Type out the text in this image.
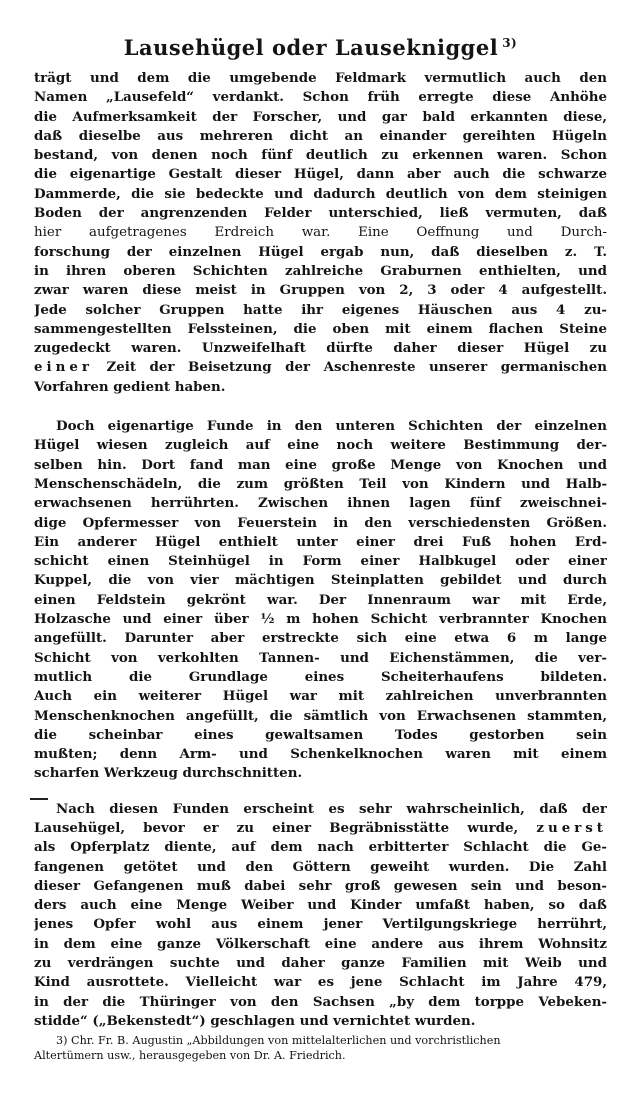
Lausehügel oder Lausekniggel $^{3)}$

trägt und dem die umgebende Feldmark vermutlich auch den
Namen „Lausefeld“ verdankt. Schon früh erregte diese Anhöhe
die Aufmerksamkeit der Forscher, und gar bald erkannten diese,
daß dieselbe aus mehreren dicht an einander gereihten Hügeln
bestand, von denen noch fünf deutlich zu erkennen waren. Schon
die eigenartige Gestalt dieser Hügel, dann aber auch die schwarze
Dammerde, die sie bedeckte und dadurch deutlich von dem steinigen
Boden der angrenzenden Felder unterschied, ließ vermuten, daß
hier aufgetragenes Erdreich war. Eine Oeffnung und Durch-
forschung der einzelnen Hügel ergab nun, daß dieselben z. T.
in ihren oberen Schichten zahlreiche Graburnen enthielten, und
zwar waren diese meist in Gruppen von 2, 3 oder 4 aufgestellt.
Jede solcher Gruppen hatte ihr eigenes Häuschen aus 4 zu-
sammengestellten Felssteinen, die oben mit einem flachen Steine
zugedeckt waren. Unzweifelhaft dürfte daher dieser Hügel zu
einer Zeit der Beisetzung der Aschenreste unserer germanischen
Vorfahren gedient haben.

Doch eigenartige Funde in den unteren Schichten der einzelnen
Hügel wiesen zugleich auf eine noch weitere Bestimmung der-
selben hin. Dort fand man eine große Menge von Knochen und
Menschenschädeln, die zum größten Teil von Kindern und Halb-
erwachsenen herrührten. Zwischen ihnen lagen fünf zweischnei-
dige Opfermesser von Feuerstein in den verschiedensten Größen.
Ein anderer Hügel enthielt unter einer drei Fuß hohen Erd-
schicht einen Steinhügel in Form einer Halbkugel oder einer
Kuppel, die von vier mächtigen Steinplatten gebildet und durch
einen Feldstein gekrönt war. Der Innenraum war mit Erde,
Holzasche und einer über ½ m hohen Schicht verbrannter Knochen
angefüllt. Darunter aber erstreckte sich eine etwa 6 m lange
Schicht von verkohlten Tannen- und Eichenstämmen, die ver-
mutlich die Grundlage eines Scheiterhaufens bildeten.
Auch ein weiterer Hügel war mit zahlreichen unverbrannten
Menschenknochen angefüllt, die sämtlich von Erwachsenen stammten,
die scheinbar eines gewaltsamen Todes gestorben sein
mußten; denn Arm- und Schenkelknochen waren mit einem
scharfen Werkzeug durchschnitten.

Nach diesen Funden erscheint es sehr wahrscheinlich, daß der
Lausehügel, bevor er zu einer Begräbnisstätte wurde, zuerst
als Opferplatz diente, auf dem nach erbitterter Schlacht die Ge-
fangenen getötet und den Göttern geweiht wurden. Die Zahl
dieser Gefangenen muß dabei sehr groß gewesen sein und beson-
ders auch eine Menge Weiber und Kinder umfaßt haben, so daß
jenes Opfer wohl aus einem jener Vertilgungskriege herrührt,
in dem eine ganze Völkerschaft eine andere aus ihrem Wohnsitz
zu verdrängen suchte und daher ganze Familien mit Weib und
Kind ausrottete. Vielleicht war es jene Schlacht im Jahre 479,
in der die Thüringer von den Sachsen „by dem torppe Vebeken-
stidde“ („Bekenstedt“) geschlagen und vernichtet wurden.

3) Chr. Fr. B. Augustin „Abbildungen von mittelalterlichen und vorchristlichen
Altertümern usw., herausgegeben von Dr. A. Friedrich.
